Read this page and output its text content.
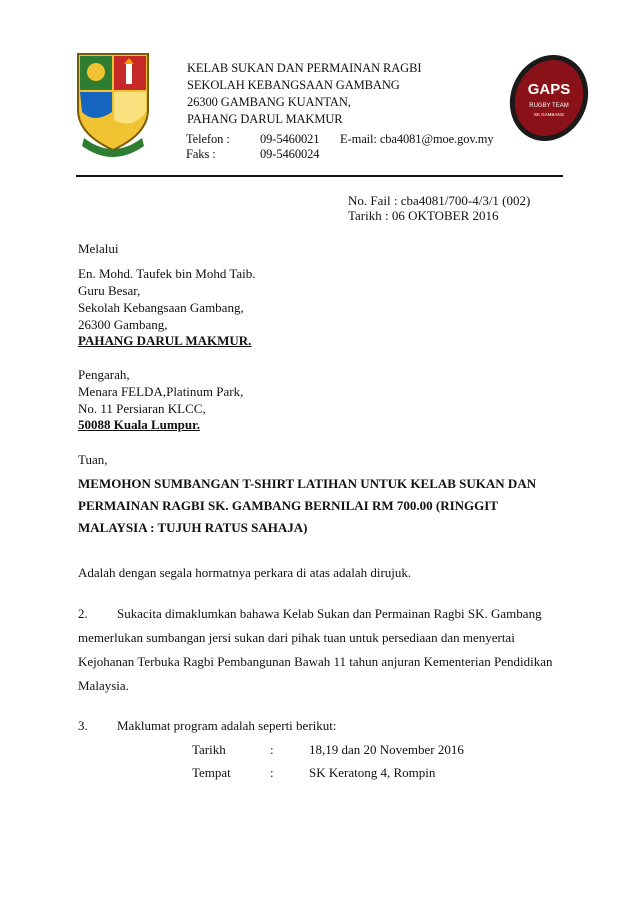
KELAB SUKAN DAN PERMAINAN RAGBI
SEKOLAH KEBANGSAAN GAMBANG
26300 GAMBANG KUANTAN,
PAHANG DARUL MAKMUR
Telefon : 09-5460021 E-mail: cba4081@moe.gov.my
Faks :	09-5460024
GAPS
RUGBY TEAM
SK GAMBANG
No. Fail : cba4081/700-4/3/1 (002)
Tarikh : 06 OKTOBER 2016
Melalui
En. Mohd. Taufek bin Mohd Taib.
Guru Besar,
Sekolah Kebangsaan Gambang,
26300 Gambang,
PAHANG DARUL MAKMUR.
Pengarah,
Menara FELDA,Platinum Park,
No. 11 Persiaran KLCC,
50088 Kuala Lumpur.
Tuan,
MEMOHON SUMBANGAN T-SHIRT LATIHAN UNTUK KELAB SUKAN DAN
PERMAINAN RAGBI SK. GAMBANG BERNILAI RM 700.00 (RINGGIT
MALAYSIA : TUJUH RATUS SAHAJA)
Adalah dengan segala hormatnya perkara di atas adalah dirujuk.
2. Sukacita dimaklumkan bahawa Kelab Sukan dan Permainan Ragbi SK. Gambang
memerlukan sumbangan jersi sukan dari pihak tuan untuk persediaan dan menyertai
Kejohanan Terbuka Ragbi Pembangunan Bawah 11 tahun anjuran Kementerian Pendidikan
Malaysia.
3. Maklumat program adalah seperti berikut:
Tarikh	:	18,19 dan 20 November 2016
Tempat	:	SK Keratong 4, Rompin
